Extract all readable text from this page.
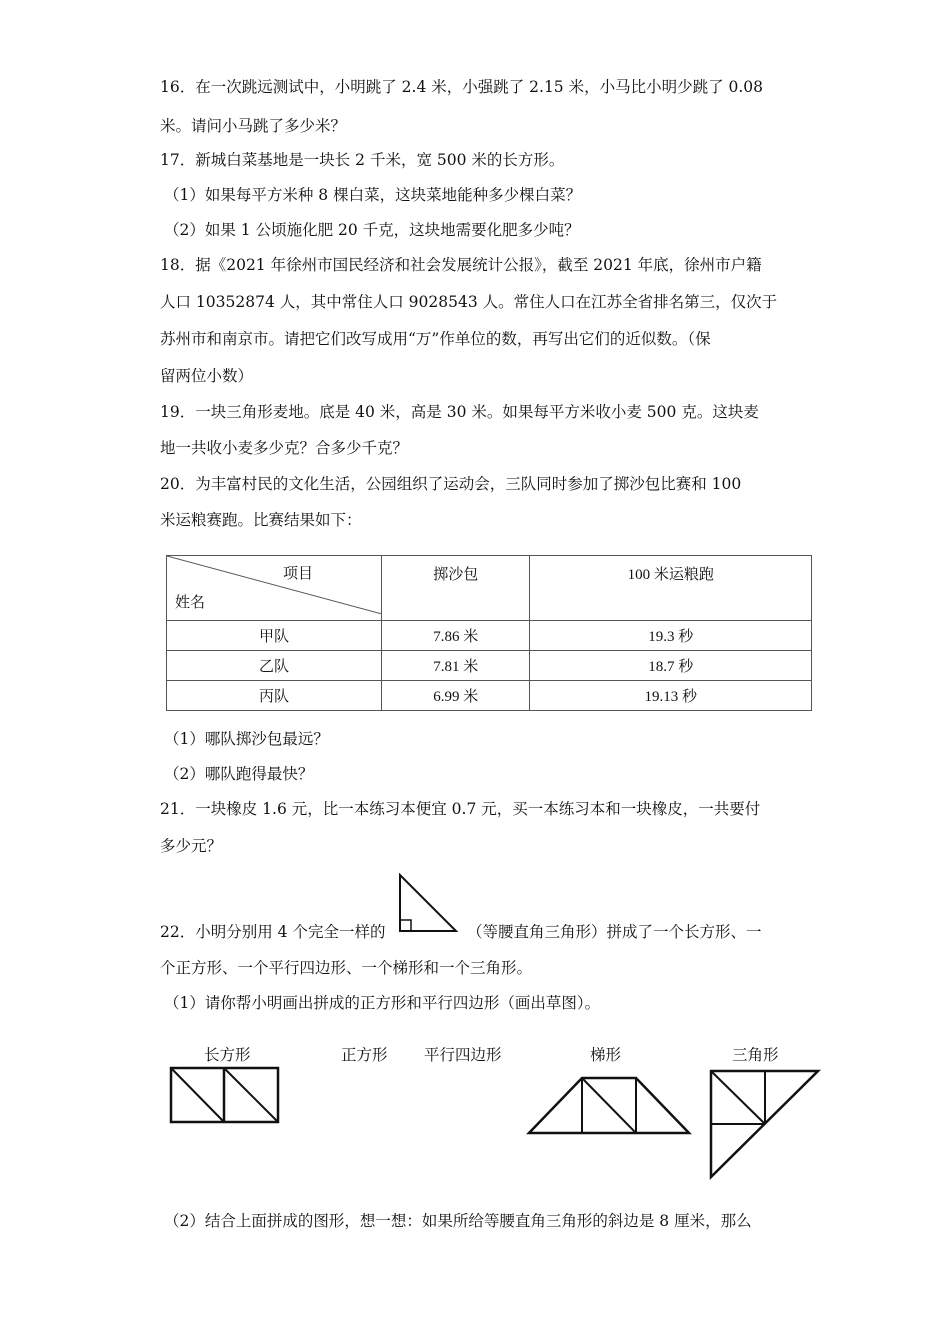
16．在一次跳远测试中，小明跳了 2.4 米，小强跳了 2.15 米，小马比小明少跳了 0.08
米。请问小马跳了多少米？
17．新城白菜基地是一块长 2 千米，宽 500 米的长方形。
（1）如果每平方米种 8 棵白菜，这块菜地能种多少棵白菜？
（2）如果 1 公顷施化肥 20 千克，这块地需要化肥多少吨？
18．据《2021 年徐州市国民经济和社会发展统计公报》，截至 2021 年底，徐州市户籍
人口 10352874 人，其中常住人口 9028543 人。常住人口在江苏全省排名第三，仅次于
苏州市和南京市。请把它们改写成用“万”作单位的数，再写出它们的近似数。（保
留两位小数）
19．一块三角形麦地。底是 40 米，高是 30 米。如果每平方米收小麦 500 克。这块麦
地一共收小麦多少克？合多少千克？
20．为丰富村民的文化生活，公园组织了运动会，三队同时参加了掷沙包比赛和 100
米运粮赛跑。比赛结果如下：
项目
姓名	掷沙包	100 米运粮跑
甲队	7.86 米	19.3 秒
乙队	7.81 米	18.7 秒
丙队	6.99 米	19.13 秒
（1）哪队掷沙包最远？
（2）哪队跑得最快？
21．一块橡皮 1.6 元，比一本练习本便宜 0.7 元，买一本练习本和一块橡皮，一共要付
多少元？
22．小明分别用 4 个完全一样的	（等腰直角三角形）拼成了一个长方形、一
个正方形、一个平行四边形、一个梯形和一个三角形。
（1）请你帮小明画出拼成的正方形和平行四边形（画出草图）。
长方形	正方形 平行四边形	梯形	三角形
（2）结合上面拼成的图形，想一想：如果所给等腰直角三角形的斜边是 8 厘米，那么
